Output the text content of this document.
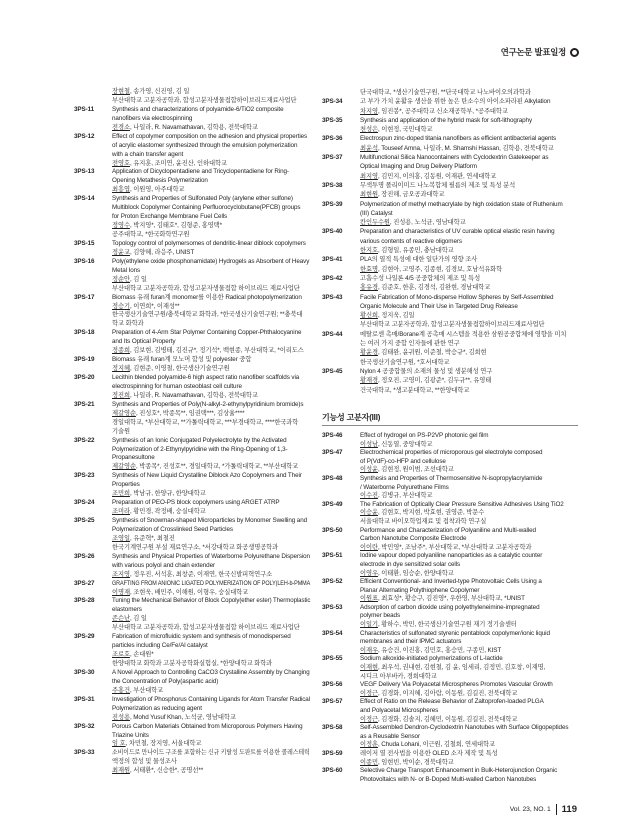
연구논문 발표일정
장현철, 송가영, 신진영, 김 일
부산대학교 고분자공학과, 합성고분자생물접합하이브리드재료사업단
3PS-11	Synthesis and characterizations of polyamide-6/TiO2 composite
nanofibers via electrospinning
전경소, 나일라, R. Navamathavan, 김학용, 전북대학교
3PS-12	Effect of copolymer composition on the adhesion and physical properties
of acrylic elastomer synthesized through the emulsion polymerization
with a chain transfer agent
전영호, 유지훈, 조미연, 윤진산, 인하대학교
3PS-13	Application of Dicyclopentadiene and Tricyclopentadiene for Ring-
Opening Metathesis Polymerization
최흥엽, 이원영, 아주대학교
3PS-14	Synthesis and Properties of Sulfonated Poly (arylene ether sulfone)
Multiblock Copolymer Containing Perfluorocyclobutane(PFCB) groups
for Proton Exchange Membrane Fuel Cells
정영수, 박지영*, 김태호*, 김형준, 홍영택*
공주대학교, *한국화학연구원
3PS-15	Topology control of polymersomes of dendritic-linear diblock copolymers
정윤교, 김양혜, 라응주, UNIST
3PS-16	Poly(ethylene oxide phosphonamidate) Hydrogels as Absorbent of Heavy
Metal Ions
정순안, 김 일
부산대학교 고분자공학과, 합성고분자생물접합 하이브리드 재료사업단
3PS-17	Biomass 유래 furan계 monomer를 이용한 Radical photopolymerization
정승기, 이연희*, 이재성**
한국생산기술연구원/충북대학교 화학과, *한국생산기술연구원; **충북대
학교 화학과
3PS-18	Preparation of 4-Arm Star Polymer Containing Copper-Phthalocyanine
and Its Optical Property
정종희, 김보현, 김병태, 김진규*, 정기석*, 백현종, 부산대학교, *이리도스
3PS-19	Biomass 유래 furan계 모노머 합성 및 polyester 중합
정지혜, 김현준, 이영철, 한국생산기술연구원
3PS-20	Lecithin blended polyamide-6 high aspect ratio nanofiber scaffolds via
electrospinning for human osteoblast cell culture
정진희, 나일라, R. Navamathavan, 김학용, 전북대학교
3PS-21	Synthesis and Properties of Poly(N-alkyl-2-ethynylpyridinium bromide)s
제갈영순, 진성호*, 박종목**, 임권택***, 김상율****
경일대학교, *부산대학교, **가톨릭대학교, ***부경대학교, ****한국과학
기술원
3PS-22	Synthesis of an Ionic Conjugated Polyelectrolyte by the Activated
Polymerization of 2-Ethynylpyridine with the Ring-Opening of 1,3-
Propanesultone
제갈영순, 박종목*, 진성호**, 경일대학교, *가톨릭대학교, **부산대학교
3PS-23	Synthesis of New Liquid Crystalline Diblock Azo Copolymers and Their
Properties
조민희, 박남규, 한양규, 한양대학교
3PS-24	Preparation of PEO-PS block copolymers using ARGET ATRP
조미라, 황민경, 곽정배, 숭실대학교
3PS-25	Synthesis of Snowman-shaped Microparticles by Monomer Swelling and
Polymerization of Crosslinked Seed Particles
조영일, 유준혁*, 최철진
한국기계연구원 부설 재료연구소, *서강대학교 화공생명공학과
3PS-26	Synthesis and Physical Properties of Waterborne Polyurethane Dispersion
with various polyol and chain extender
조지영, 정우진, 서석훈, 최창준, 이재연, 한국신발피혁연구소
3PS-27	GRAFTING FROM ANIONIC LIGATED POLYMERIZATION OF POLY(LEH-b-PMMA
이명재, 조현욱, 배민주, 이해원, 이형우, 숭실대학교
3PS-28	Tuning the Mechanical Behavior of Block Copoly(ether ester) Thermoplastic
elastomers
존슨난, 김 일
부산대학교 고분자공학과, 합성고분자생물접합 하이브리드 재료사업단
3PS-29	Fabrication of microfluidic system and synthesis of monodispersed
particles including Ce/Fe/Al catalyst
조로호, 손대원*
한양대학교 화학과 고분자공학화실험실, *한양대학교 화학과
3PS-30	A Novel Approach to Controlling CaCO3 Crystalline Assembly by Changing
the Concentration of Poly(aspartic acid)
주홍건, 부산대학교
3PS-31	Investigation of Phosphorus Containing Ligands for Atom Transfer Radical
Polymerization as reducing agent
진성용, Mohd Yusuf Khan, 노석균, 영남대학교
3PS-32	Porous Carbon Materials Obtained from Microporous Polymers Having
Triazine Units
임 호, 차민철, 장지영, 서울대학교
3PS-33	소비이드로 만나이드 구조를 포함하는 신규 키랄성 도판트를 이용한 콜레스테릭
액정의 합성 및 물성조사
최재원, 서태환*, 신승한*, 공명선**
단국대학교, *생산기술연구원, **단국대학교 나노바이오의과학과
3PS-34	고 부가 가치 윤활유 생산을 위한 높은 탄소수의 아이소파라핀 Alkylation
차지영, 임진봉*, 공주대학교 신소재공학부, *공주대학교
3PS-35	Synthesis and application of the hybrid mask for soft-lithography
천성은, 이현정, 국민대학교
3PS-36	Electrospun zinc-doped titania nanofibers as efficient antibacterial agents
최윤석, Touseef Amna, 나일라, M. Shamshi Hassan, 김학용, 전북대학교
3PS-37	Multifunctional Silica Nanocontainers with Cyclodextrin Gatekeeper as
Optical Imaging and Drug Delivery Platform
최지영, 김민지, 이의홍, 김동원, 이재관, 연세대학교
3PS-38	무색투명 폴리이미드 나노복합체 필름의 제조 및 특성 분석
최현원, 장진해, 금오공과대학교
3PS-39	Polymerization of methyl methacrylate by high oxidation state of Ruthenium
(III) Catalyst
칸인두수원, 진성용, 노석균, 영남대학교
3PS-40	Preparation and characteristics of UV curable optical elastic resin having
various contents of reactive oligomers
한지호, 김형일, 유종민, 충남대학교
3PS-41	PLA의 열적 특성에 대한 일단가의 영향 조사
한효명, 김현아, 고영주, 김종현, 김경보, 호남석유화학
3PS-42	고흡수성 나일론 4/5 공중합체의 제조 및 특성
홍유경, 김준호, 한훈, 김경석, 김완현, 경남대학교
3PS-43	Facile Fabrication of Mono-disperse Hollow Spheres by Self-Assembled
Organic Molecule and Their Use in Targeted Drug Release
황신희, 정지욱, 김일
부산대학교 고분자공학과, 합성고분자생물접합하이브리드재료사업단
3PS-44	메탈로센 촉매/Borane계 공촉매 시스템을 적용한 삼원공중합체에 영향을 미치
는 여러 가지 중합 인자들에 관한 연구
황윤경, 김태완, 윤귀원, 이준철, 박승규*, 김희현
한국생산기술연구원, *호서대학교
3PS-45	Nylon 4 공중합물의 소재의 물성 및 생분해성 연구
황재경, 정오진, 고영미, 김광준*, 김두규**, 유영태
건국대학교, *생고분대학교, **한양대학교
기능성 고분자(III)
3PS-46	Effect of hydrogel on PS-P2VP photonic gel film
이성남, 신동열, 중앙대학교
3PS-47	Electrochemical properties of microporous gel electrolyte composed
of P(VdF)-co-HFP and cellulose
이성윤, 김현정, 원이범, 조선대학교
3PS-48	Synthesis and Properties of Thermosensitive N-isopropylacrylamide
/ Waterborne Polyurethane Films
이수진, 김병규, 부산대학교
3PS-49	The Fabrication of Optically Clear Pressure Sensitive Adhesives Using TiO2
이승윤, 김현호, 박지현, 박효현, 권영준, 박문수
서울대학교 바이오학업재료 및 접착과학 연구실
3PS-50	Performance and Characterization of Polyaniline and Multi-walled
Carbon Nanotube Composite Electrode
이이란, 박민영*, 조남주*, 부산대학교, *부산대학교 고분자공학과
3PS-51	Iodine vapour doped polyaniline nanoparticles as a catalytic counter
electrode in dye sensitized solar cells
이영우, 이태환, 임승순, 한양대학교
3PS-52	Efficient Conventional- and Inverted-type Photovoltaic Cells Using a
Planar Alternating Polythiophene Copolymer
이원표, 최효성*, 황승구, 김진영*, 우한영, 부산대학교, *UNIST
3PS-53	Adsorption of carbon dioxide using polyethyleneimine-impregnated
polymer beads
이일기, 황하수, 박민, 한국생산기술연구원 재기 정기술센터
3PS-54	Characteristics of sulfonated styrenic pentablock copolymer/ionic liquid
membranes and their IPMC actuators
이재우, 유승건, 이진홍, 김민호, 홍승민, 구종민, KIST
3PS-55	Sodium alkoxide-initiated polymerizations of L-lactide
이재현, 최우석, 권내현, 김현철, 김 윤, 임세리, 김정민, 김호창, 이재명,
시디크 아부바카, 경희대학교
3PS-56	VEGF Delivery Via Polyacetal Microspheres Promotes Vascular Growth
이정근, 김경화, 이지혜, 김아람, 이동원, 김길진, 전북대학교
3PS-57	Effect of Ratio on the Release Behavior of Zaltoprofen-loaded PLGA
and Polyacetal Microspheres
이정근, 김경화, 김솔지, 김혜민, 이동원, 김길진, 전북대학교
3PS-58	Self-Assembled Dendron-Cyclodextrin Nanotubes with Surface Oligopeptides
as a Reusable Sensor
이정훈, Chuda Lohani, 이근원, 김철희, 연세대학교
3PS-59	레이저 열 전사법을 이용한 OLED 소자 제작 및 특성
이종민, 임현빈, 박이순, 경북대학교
3PS-60	Selective Charge Transport Enhancement in Bulk-Heterojunction Organic
Photovoltaics with N- or B-Doped Multi-walled Carbon Nanotubes
Vol. 23, NO. 1 119
